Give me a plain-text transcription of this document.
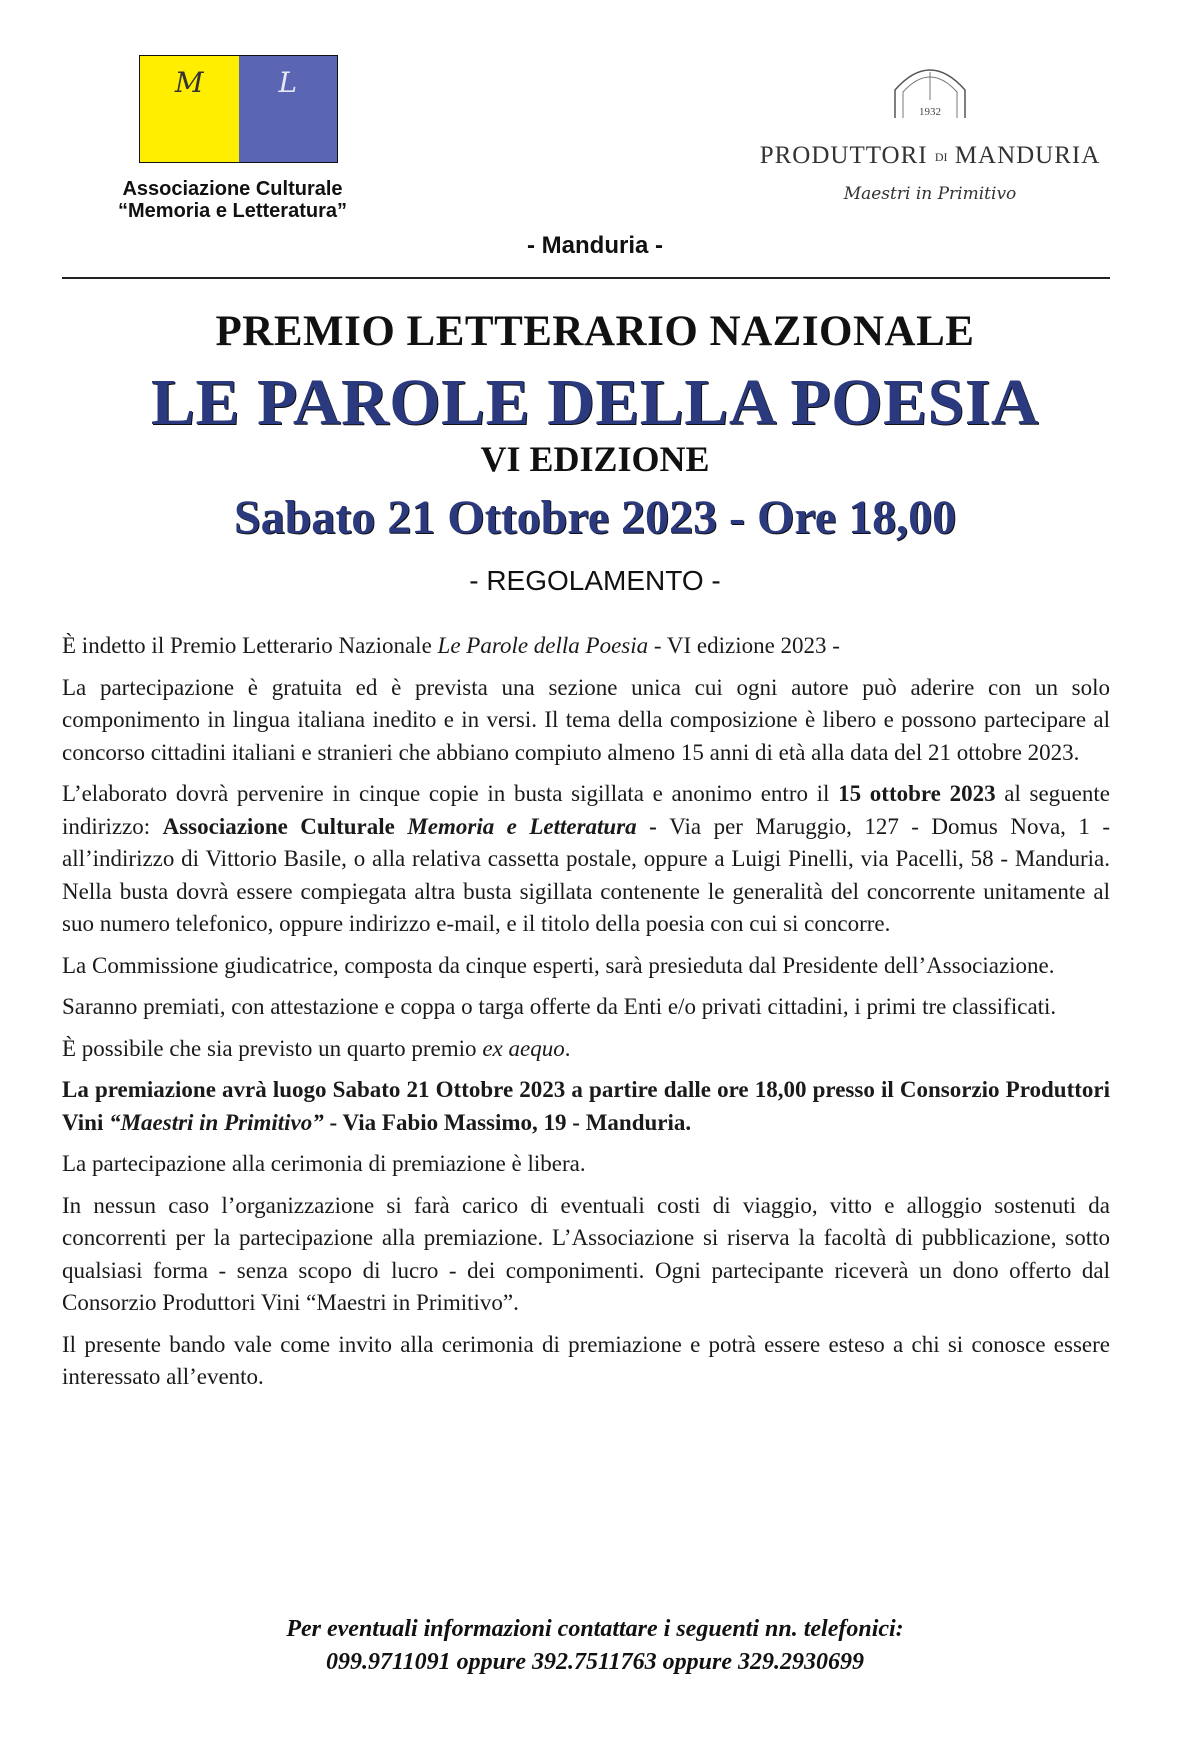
M	L
Associazione Culturale
“Memoria e Letteratura”
1932
PRODUTTORI DI MANDURIA
Maestri in Primitivo
- Manduria -
PREMIO LETTERARIO NAZIONALE
LE PAROLE DELLA POESIA
VI EDIZIONE
Sabato 21 Ottobre 2023 - Ore 18,00
- REGOLAMENTO -

È indetto il Premio Letterario Nazionale Le Parole della Poesia - VI edizione 2023 -

La partecipazione è gratuita ed è prevista una sezione unica cui ogni autore può aderire con un solo componimento in lingua italiana inedito e in versi. Il tema della composizione è libero e possono partecipare al concorso cittadini italiani e stranieri che abbiano compiuto almeno 15 anni di età alla data del 21 ottobre 2023.

L’elaborato dovrà pervenire in cinque copie in busta sigillata e anonimo entro il 15 ottobre 2023 al seguente indirizzo: Associazione Culturale Memoria e Letteratura - Via per Maruggio, 127 - Domus Nova, 1 - all’indirizzo di Vittorio Basile, o alla relativa cassetta postale, oppure a Luigi Pinelli, via Pacelli, 58 - Manduria. Nella busta dovrà essere compiegata altra busta sigillata contenente le generalità del concorrente unitamente al suo numero telefonico, oppure indirizzo e-mail, e il titolo della poesia con cui si concorre.

La Commissione giudicatrice, composta da cinque esperti, sarà presieduta dal Presidente dell’Associazione.

Saranno premiati, con attestazione e coppa o targa offerte da Enti e/o privati cittadini, i primi tre classificati.

È possibile che sia previsto un quarto premio ex aequo.

La premiazione avrà luogo Sabato 21 Ottobre 2023 a partire dalle ore 18,00 presso il Consorzio Produttori Vini “Maestri in Primitivo” - Via Fabio Massimo, 19 - Manduria.

La partecipazione alla cerimonia di premiazione è libera.

In nessun caso l’organizzazione si farà carico di eventuali costi di viaggio, vitto e alloggio sostenuti da concorrenti per la partecipazione alla premiazione. L’Associazione si riserva la facoltà di pubblicazione, sotto qualsiasi forma - senza scopo di lucro - dei componimenti. Ogni partecipante riceverà un dono offerto dal Consorzio Produttori Vini “Maestri in Primitivo”.

Il presente bando vale come invito alla cerimonia di premiazione e potrà essere esteso a chi si conosce essere interessato all’evento.

Per eventuali informazioni contattare i seguenti nn. telefonici:
099.9711091 oppure 392.7511763 oppure 329.2930699
